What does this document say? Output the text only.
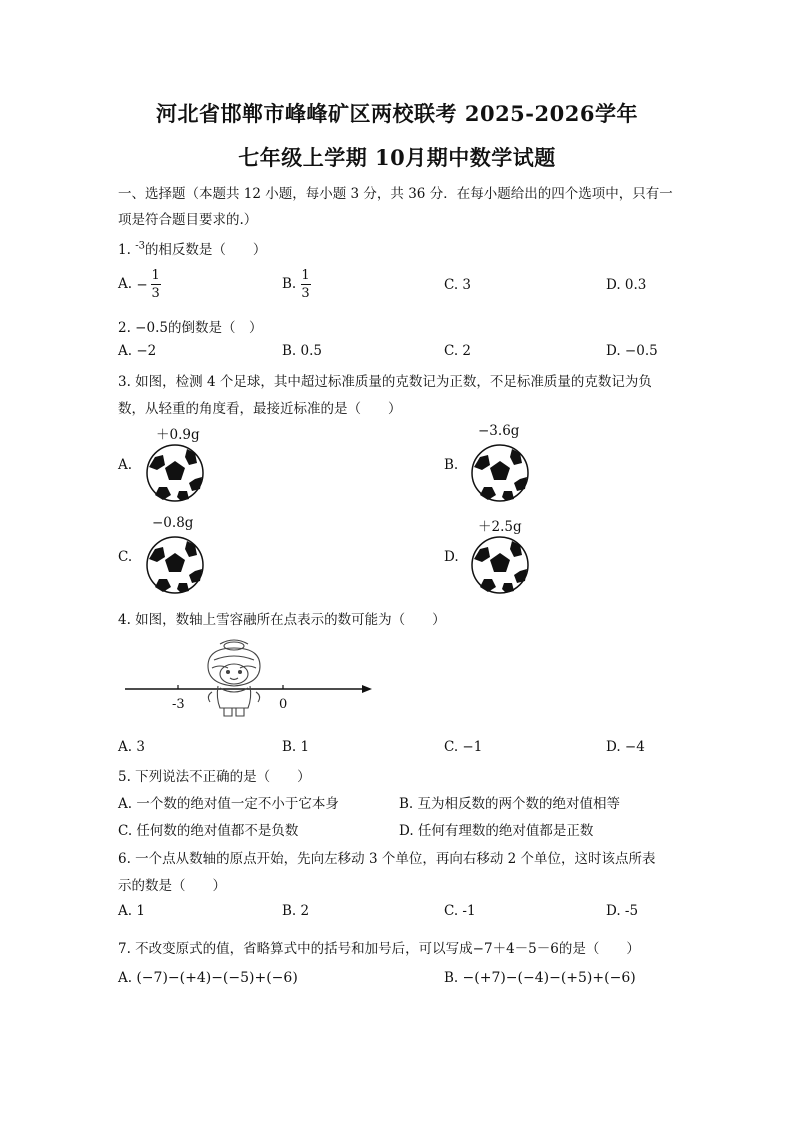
河北省邯郸市峰峰矿区两校联考 2025-2026学年
七年级上学期 10月期中数学试题
一、选择题（本题共 12 小题，每小题 3 分，共 36 分．在每小题给出的四个选项中，只有一
项是符合题目要求的.）
1. $^{-3}$的相反数是（　　）
A. − $\frac{1}{3}$	B. $\frac{1}{3}$	C. 3	D. 0.3
2. −0.5的倒数是（　）
A. −2	B. 0.5	C. 2	D. −0.5
3. 如图，检测 4 个足球，其中超过标准质量的克数记为正数，不足标准质量的克数记为负
数，从轻重的角度看，最接近标准的是（　　）
＋0.9g
A.
−3.6g
B.
−0.8g
C.
＋2.5g
D.
4. 如图，数轴上雪容融所在点表示的数可能为（　　）
-3	0
A. 3	B. 1	C. −1	D. −4
5. 下列说法不正确的是（　　）
A. 一个数的绝对值一定不小于它本身	B. 互为相反数的两个数的绝对值相等
C. 任何数的绝对值都不是负数	D. 任何有理数的绝对值都是正数
6. 一个点从数轴的原点开始，先向左移动 3 个单位，再向右移动 2 个单位，这时该点所表
示的数是（　　）
A. 1	B. 2	C. -1	D. -5
7. 不改变原式的值，省略算式中的括号和加号后，可以写成−7＋4－5－6的是（　　）
A. (−7)−(+4)−(−5)+(−6)	B. −(+7)−(−4)−(+5)+(−6)
